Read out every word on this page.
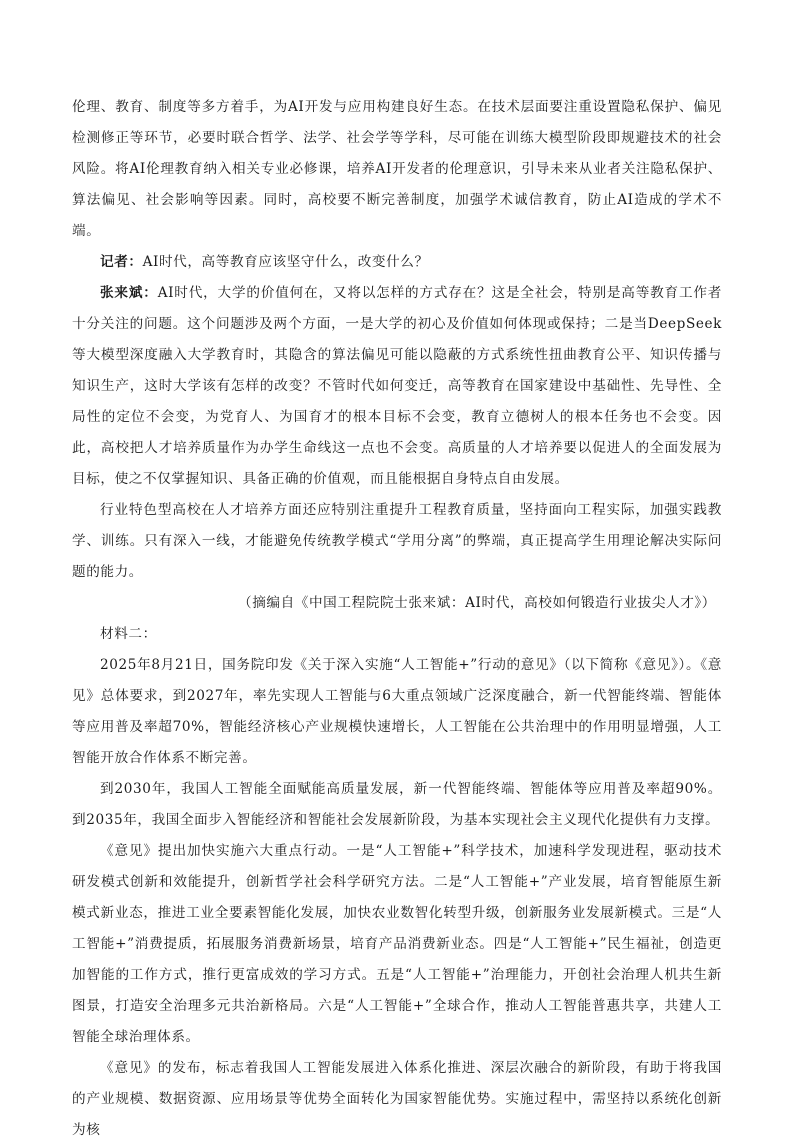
伦理、教育、制度等多方着手，为AI开发与应用构建良好生态。在技术层面要注重设置隐私保护、偏见检测修正等环节，必要时联合哲学、法学、社会学等学科，尽可能在训练大模型阶段即规避技术的社会风险。将AI伦理教育纳入相关专业必修课，培养AI开发者的伦理意识，引导未来从业者关注隐私保护、算法偏见、社会影响等因素。同时，高校要不断完善制度，加强学术诚信教育，防止AI造成的学术不端。

记者：AI时代，高等教育应该坚守什么，改变什么？

张来斌：AI时代，大学的价值何在，又将以怎样的方式存在？这是全社会，特别是高等教育工作者十分关注的问题。这个问题涉及两个方面，一是大学的初心及价值如何体现或保持；二是当DeepSeek等大模型深度融入大学教育时，其隐含的算法偏见可能以隐蔽的方式系统性扭曲教育公平、知识传播与知识生产，这时大学该有怎样的改变？不管时代如何变迁，高等教育在国家建设中基础性、先导性、全局性的定位不会变，为党育人、为国育才的根本目标不会变，教育立德树人的根本任务也不会变。因此，高校把人才培养质量作为办学生命线这一点也不会变。高质量的人才培养要以促进人的全面发展为目标，使之不仅掌握知识、具备正确的价值观，而且能根据自身特点自由发展。

行业特色型高校在人才培养方面还应特别注重提升工程教育质量，坚持面向工程实际，加强实践教学、训练。只有深入一线，才能避免传统教学模式“学用分离”的弊端，真正提高学生用理论解决实际问题的能力。

（摘编自《中国工程院院士张来斌：AI时代，高校如何锻造行业拔尖人才》）

材料二：

2025年8月21日，国务院印发《关于深入实施“人工智能+”行动的意见》（以下简称《意见》）。《意见》总体要求，到2027年，率先实现人工智能与6大重点领域广泛深度融合，新一代智能终端、智能体等应用普及率超70%，智能经济核心产业规模快速增长，人工智能在公共治理中的作用明显增强，人工智能开放合作体系不断完善。

到2030年，我国人工智能全面赋能高质量发展，新一代智能终端、智能体等应用普及率超90%。到2035年，我国全面步入智能经济和智能社会发展新阶段，为基本实现社会主义现代化提供有力支撑。

《意见》提出加快实施六大重点行动。一是“人工智能+”科学技术，加速科学发现进程，驱动技术研发模式创新和效能提升，创新哲学社会科学研究方法。二是“人工智能+”产业发展，培育智能原生新模式新业态，推进工业全要素智能化发展，加快农业数智化转型升级，创新服务业发展新模式。三是“人工智能+”消费提质，拓展服务消费新场景，培育产品消费新业态。四是“人工智能+”民生福祉，创造更加智能的工作方式，推行更富成效的学习方式。五是“人工智能+”治理能力，开创社会治理人机共生新图景，打造安全治理多元共治新格局。六是“人工智能+”全球合作，推动人工智能普惠共享，共建人工智能全球治理体系。

《意见》的发布，标志着我国人工智能发展进入体系化推进、深层次融合的新阶段，有助于将我国的产业规模、数据资源、应用场景等优势全面转化为国家智能优势。实施过程中，需坚持以系统化创新为核
